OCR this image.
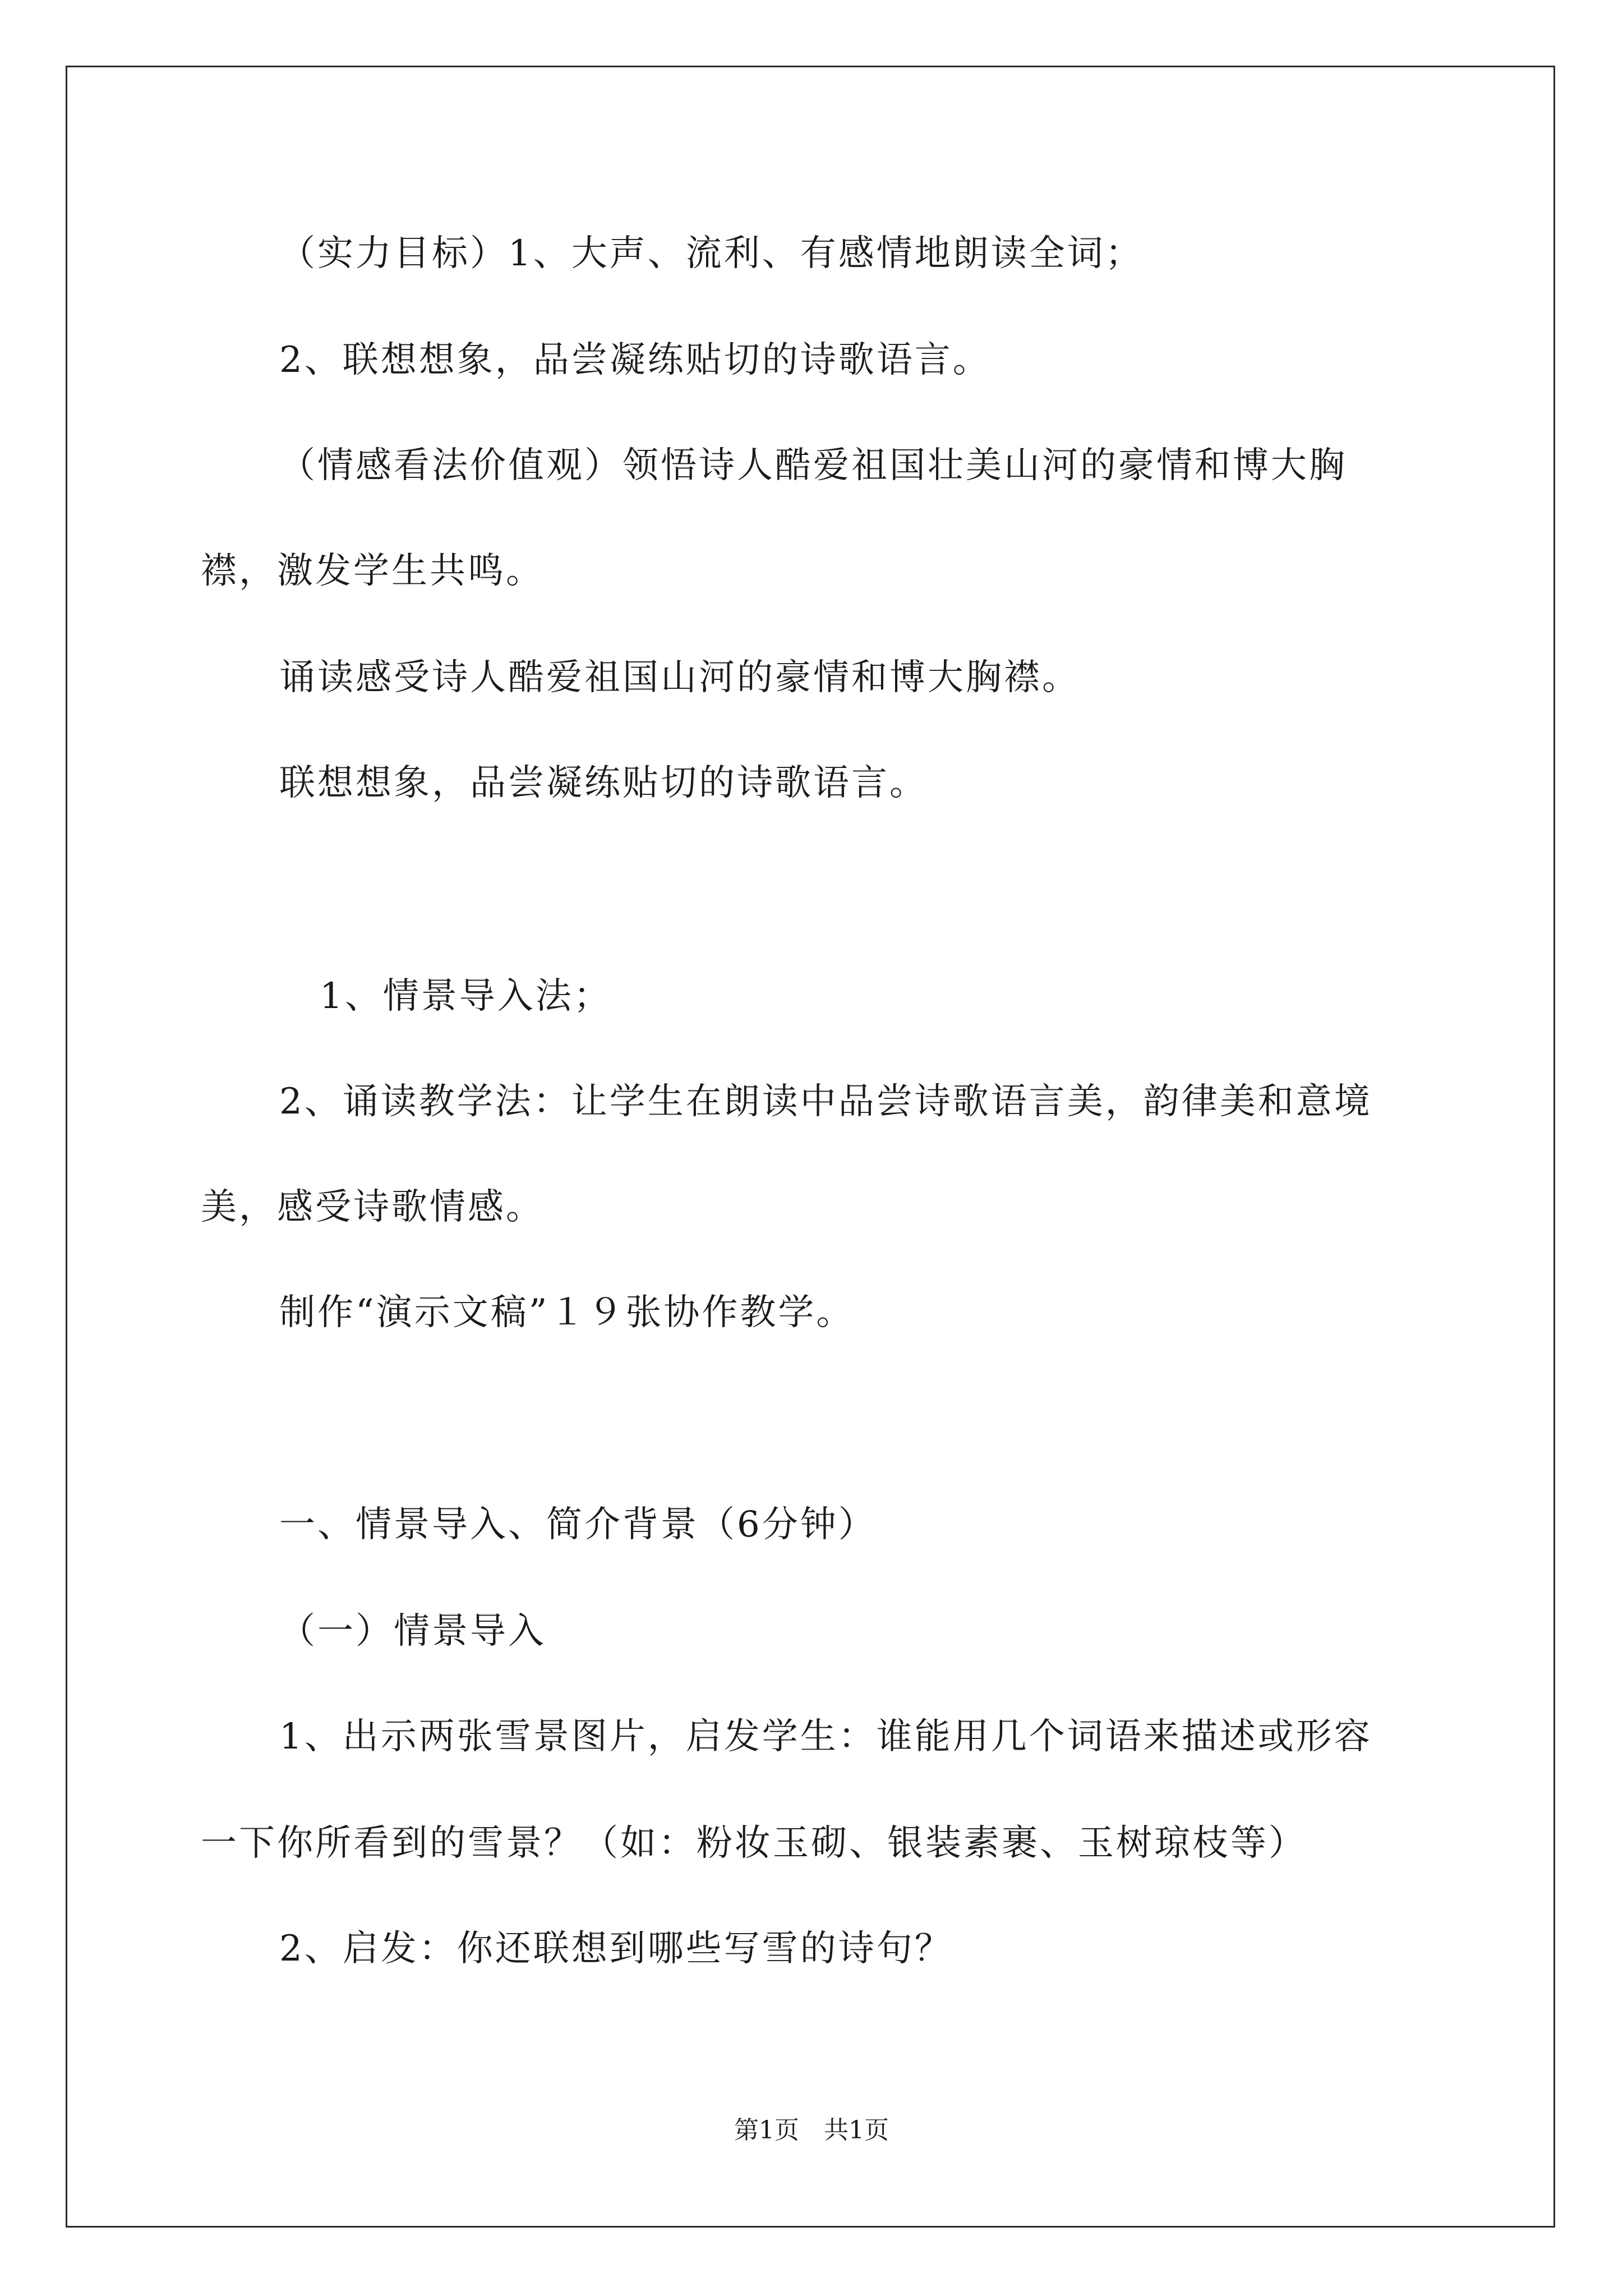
（实力目标）1、大声、流利、有感情地朗读全词；

2、联想想象，品尝凝练贴切的诗歌语言。

（情感看法价值观）领悟诗人酷爱祖国壮美山河的豪情和博大胸

襟，激发学生共鸣。

诵读感受诗人酷爱祖国山河的豪情和博大胸襟。

联想想象，品尝凝练贴切的诗歌语言。

1、情景导入法；

2、诵读教学法：让学生在朗读中品尝诗歌语言美，韵律美和意境

美，感受诗歌情感。

制作“演示文稿”１９张协作教学。

一、情景导入、简介背景（6分钟）

（一）情景导入

1、出示两张雪景图片，启发学生：谁能用几个词语来描述或形容

一下你所看到的雪景？（如：粉妆玉砌、银装素裹、玉树琼枝等）

2、启发：你还联想到哪些写雪的诗句？

第1页　共1页
